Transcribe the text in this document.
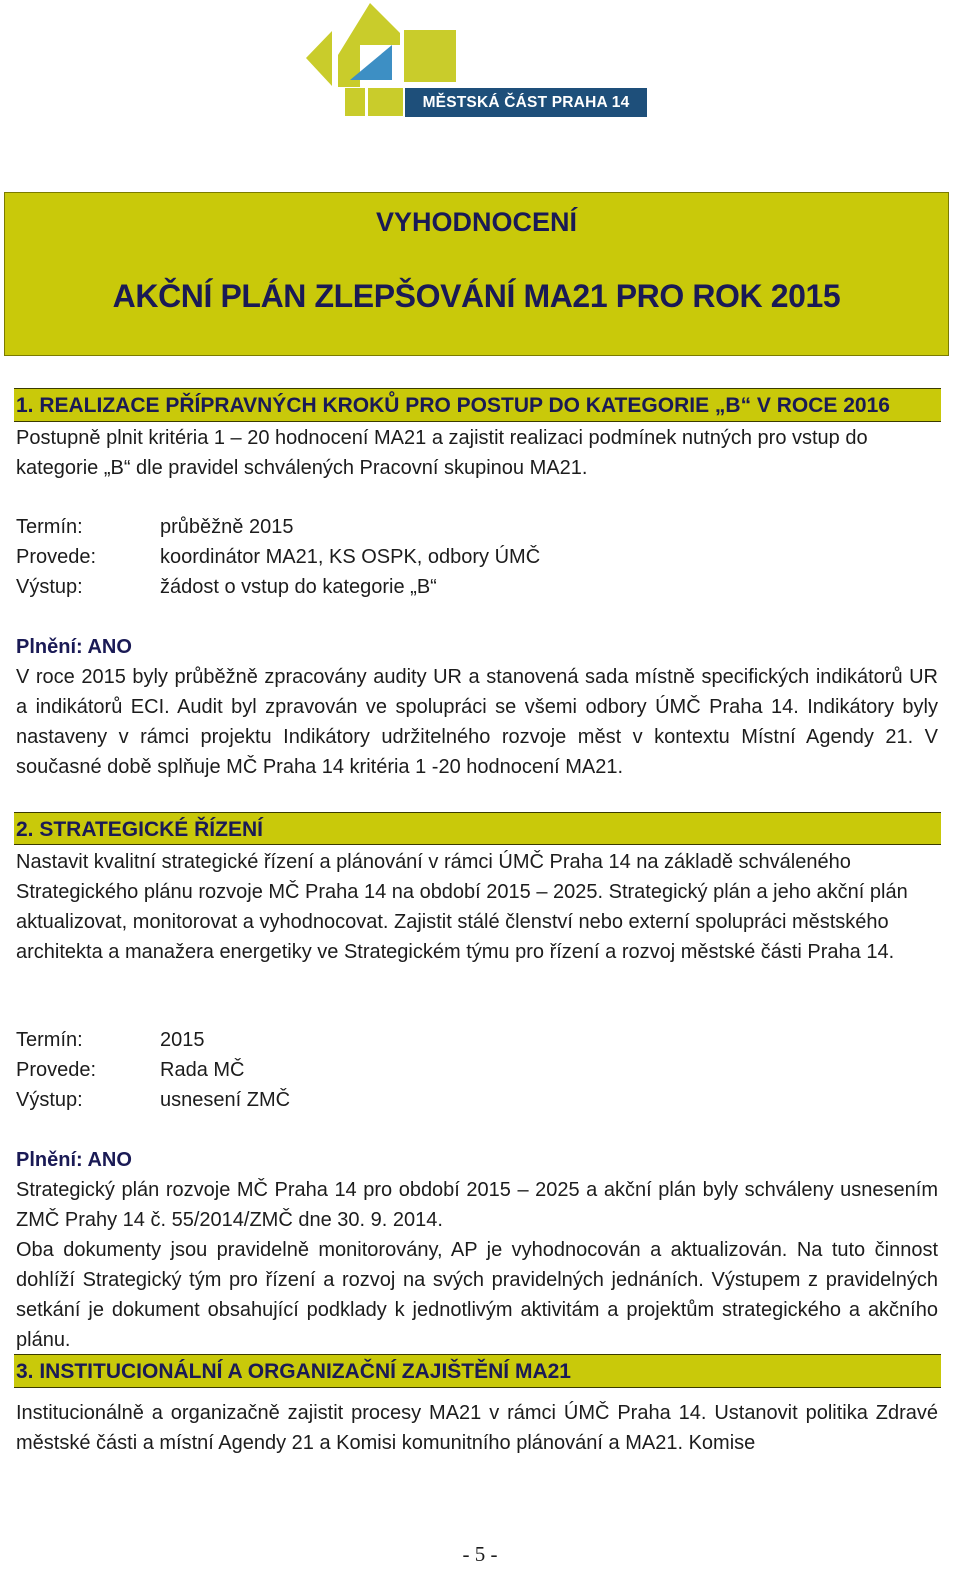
MĚSTSKÁ ČÁST PRAHA 14
VYHODNOCENÍ
AKČNÍ PLÁN ZLEPŠOVÁNÍ MA21 PRO ROK 2015
1. REALIZACE PŘÍPRAVNÝCH KROKŮ PRO POSTUP DO KATEGORIE „B“ V ROCE 2016

Postupně plnit kritéria 1 – 20 hodnocení MA21 a zajistit realizaci podmínek nutných pro vstup do kategorie „B“ dle pravidel schválených Pracovní skupinou MA21.

Termín:	průběžně 2015
Provede:	koordinátor MA21, KS OSPK, odbory ÚMČ
Výstup:	žádost o vstup do kategorie „B“
Plnění: ANO

V roce 2015 byly průběžně zpracovány audity UR a stanovená sada místně specifických indikátorů UR a indikátorů ECI. Audit byl zpravován ve spolupráci se všemi odbory ÚMČ Praha 14. Indikátory byly nastaveny v rámci projektu Indikátory udržitelného rozvoje měst v kontextu Místní Agendy 21. V současné době splňuje MČ Praha 14 kritéria 1 -20 hodnocení MA21.

2. STRATEGICKÉ ŘÍZENÍ

Nastavit kvalitní strategické řízení a plánování v rámci ÚMČ Praha 14 na základě schváleného Strategického plánu rozvoje MČ Praha 14 na období 2015 – 2025. Strategický plán a jeho akční plán aktualizovat, monitorovat a vyhodnocovat. Zajistit stálé členství nebo externí spolupráci městského architekta a manažera energetiky ve Strategickém týmu pro řízení a rozvoj městské části Praha 14.

Termín:	2015
Provede:	Rada MČ
Výstup:	usnesení ZMČ
Plnění: ANO

Strategický plán rozvoje MČ Praha 14 pro období 2015 – 2025 a akční plán byly schváleny usnesením ZMČ Prahy 14 č. 55/2014/ZMČ dne 30. 9. 2014.

Oba dokumenty jsou pravidelně monitorovány, AP je vyhodnocován a aktualizován. Na tuto činnost dohlíží Strategický tým pro řízení a rozvoj na svých pravidelných jednáních. Výstupem z pravidelných setkání je dokument obsahující podklady k jednotlivým aktivitám a projektům strategického a akčního plánu.

3. INSTITUCIONÁLNÍ A ORGANIZAČNÍ ZAJIŠTĚNÍ MA21

Institucionálně a organizačně zajistit procesy MA21 v rámci ÚMČ Praha 14. Ustanovit politika Zdravé městské části a místní Agendy 21 a Komisi komunitního plánování a MA21. Komise

- 5 -
